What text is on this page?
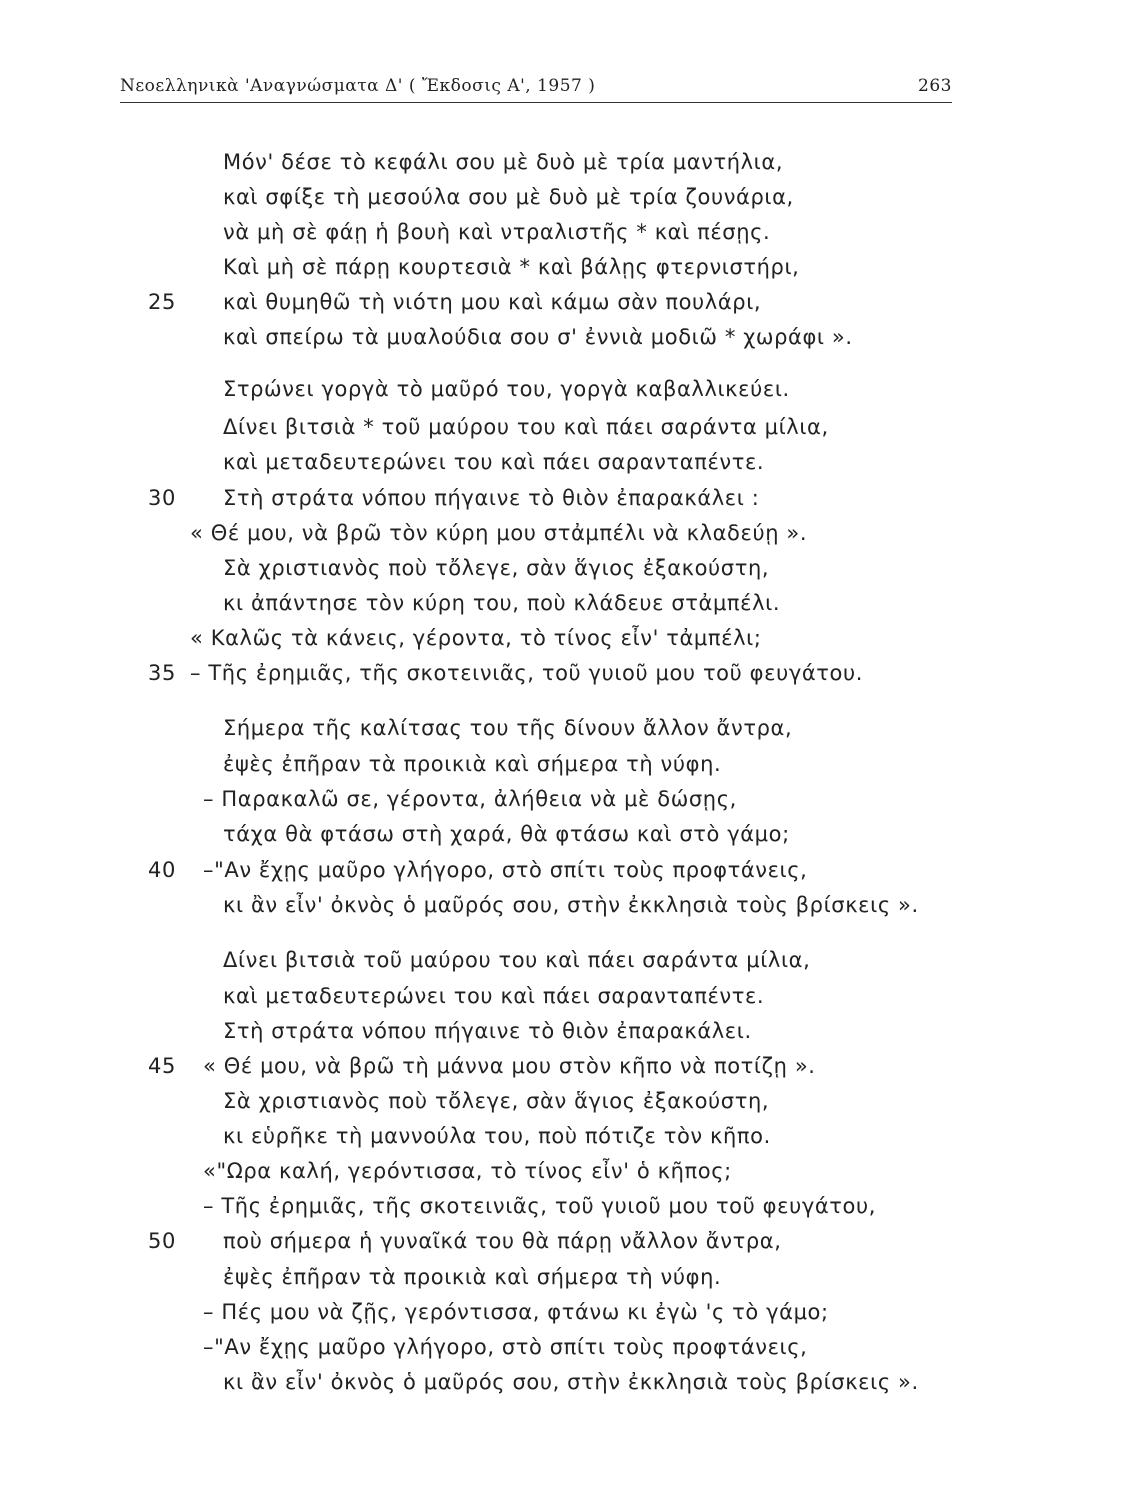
Νεοελληνικὰ 'Αναγνώσματα Δ' ( Ἔκδοσις Α', 1957 )	263
Μόν' δέσε τὸ κεφάλι σου μὲ δυὸ μὲ τρία μαντήλια,
καὶ σφίξε τὴ μεσούλα σου μὲ δυὸ μὲ τρία ζουνάρια,
νὰ μὴ σὲ φάῃ ἡ βουὴ καὶ ντραλιστῆς * καὶ πέσῃς.
Καὶ μὴ σὲ πάρῃ κουρτεσιὰ * καὶ βάλῃς φτερνιστήρι,
25	καὶ θυμηθῶ τὴ νιότη μου καὶ κάμω σὰν πουλάρι,
καὶ σπείρω τὰ μυαλούδια σου σ' ἐννιὰ μοδιῶ * χωράφι ».
Στρώνει γοργὰ τὸ μαῦρό του, γοργὰ καβαλλικεύει.
Δίνει βιτσιὰ * τοῦ μαύρου του καὶ πάει σαράντα μίλια,
καὶ μεταδευτερώνει του καὶ πάει σαρανταπέντε.
30	Στὴ στράτα νόπου πήγαινε τὸ θιὸν ἐπαρακάλει :
« Θέ μου, νὰ βρῶ τὸν κύρη μου στἀμπέλι νὰ κλαδεύῃ ».
Σὰ χριστιανὸς ποὺ τὄλεγε, σὰν ἅγιος ἐξακούστη,
κι ἀπάντησε τὸν κύρη του, ποὺ κλάδευε στἀμπέλι.
« Καλῶς τὰ κάνεις, γέροντα, τὸ τίνος εἶν' τἀμπέλι;
35 – Τῆς ἐρημιᾶς, τῆς σκοτεινιᾶς, τοῦ γυιοῦ μου τοῦ φευγάτου.
Σήμερα τῆς καλίτσας του τῆς δίνουν ἄλλον ἄντρα,
ἐψὲς ἐπῆραν τὰ προικιὰ καὶ σήμερα τὴ νύφη.
– Παρακαλῶ σε, γέροντα, ἀλήθεια νὰ μὲ δώσῃς,
τάχα θὰ φτάσω στὴ χαρά, θὰ φτάσω καὶ στὸ γάμο;
40	–"Αν ἔχῃς μαῦρο γλήγορο, στὸ σπίτι τοὺς προφτάνεις,
κι ἂν εἶν' ὀκνὸς ὁ μαῦρός σου, στὴν ἐκκλησιὰ τοὺς βρίσκεις ».
Δίνει βιτσιὰ τοῦ μαύρου του καὶ πάει σαράντα μίλια,
καὶ μεταδευτερώνει του καὶ πάει σαρανταπέντε.
Στὴ στράτα νόπου πήγαινε τὸ θιὸν ἐπαρακάλει.
45	« Θέ μου, νὰ βρῶ τὴ μάννα μου στὸν κῆπο νὰ ποτίζῃ ».
Σὰ χριστιανὸς ποὺ τὄλεγε, σὰν ἅγιος ἐξακούστη,
κι εὑρῆκε τὴ μαννούλα του, ποὺ πότιζε τὸν κῆπο.
«"Ωρα καλή, γερόντισσα, τὸ τίνος εἶν' ὁ κῆπος;
– Τῆς ἐρημιᾶς, τῆς σκοτεινιᾶς, τοῦ γυιοῦ μου τοῦ φευγάτου,
50	ποὺ σήμερα ἡ γυναῖκά του θὰ πάρῃ νἄλλον ἄντρα,
ἐψὲς ἐπῆραν τὰ προικιὰ καὶ σήμερα τὴ νύφη.
– Πές μου νὰ ζῇς, γερόντισσα, φτάνω κι ἐγὼ 'ς τὸ γάμο;
–"Αν ἔχῃς μαῦρο γλήγορο, στὸ σπίτι τοὺς προφτάνεις,
κι ἂν εἶν' ὀκνὸς ὁ μαῦρός σου, στὴν ἐκκλησιὰ τοὺς βρίσκεις ».
